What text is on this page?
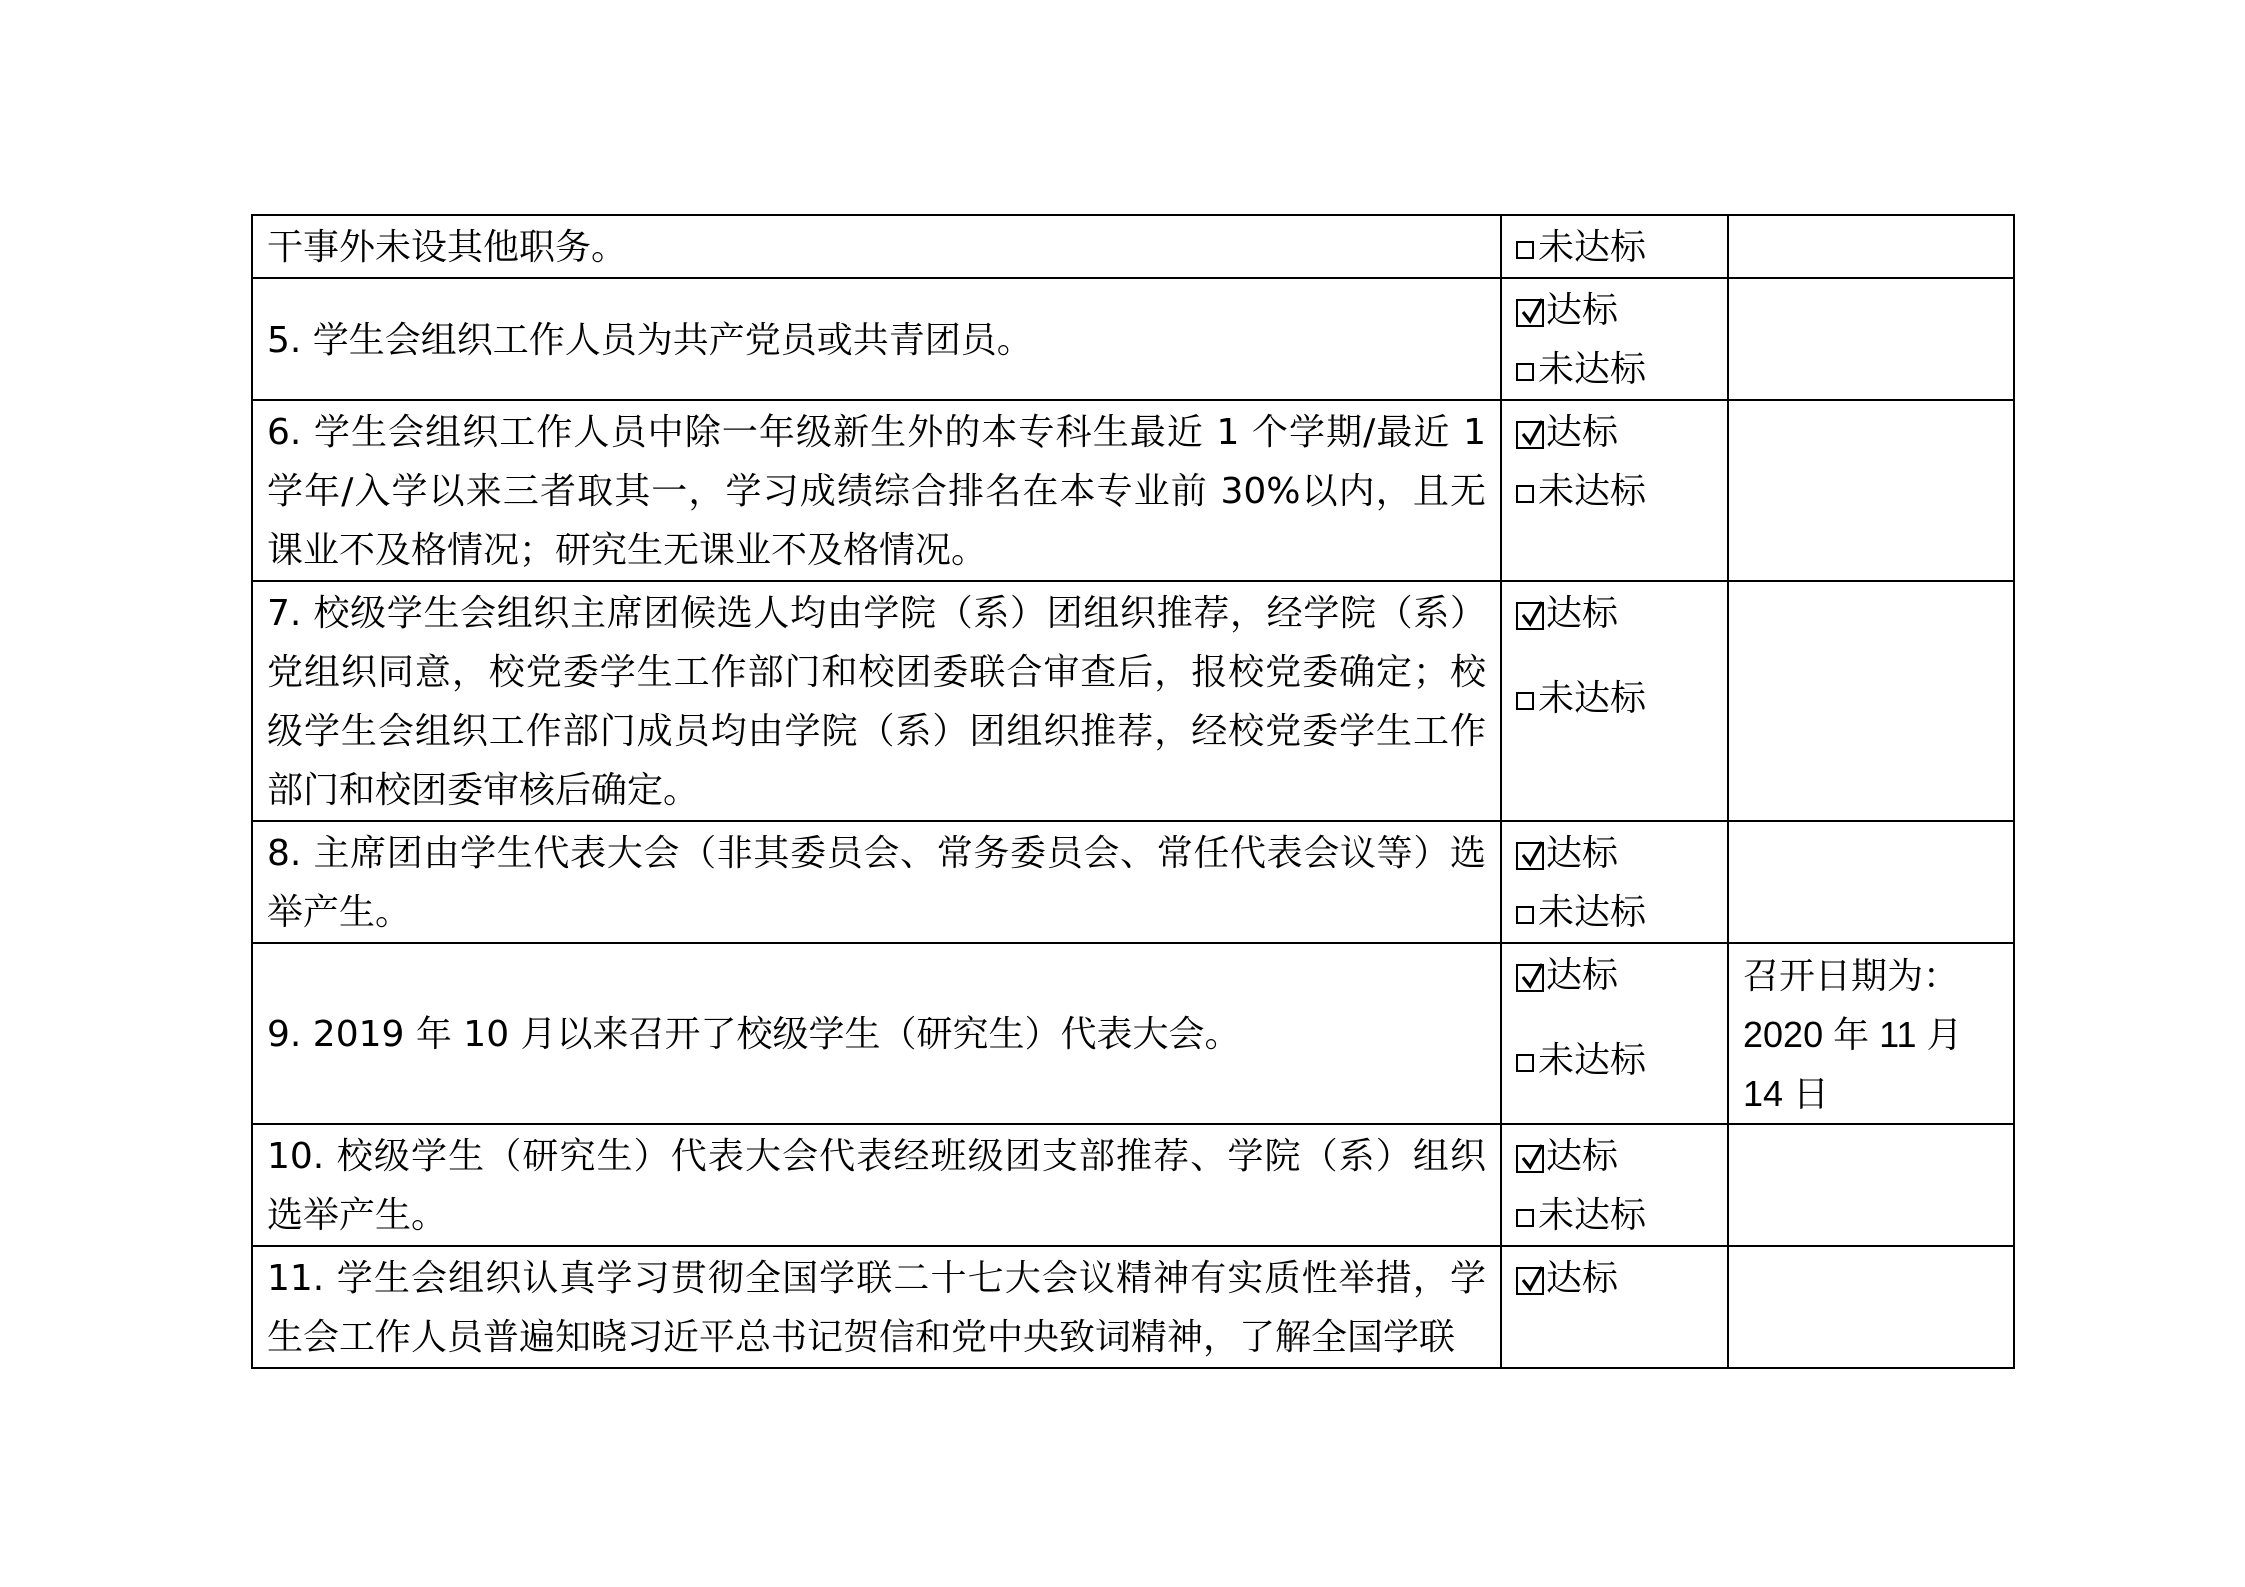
干事外未设其他职务。	未达标	

5. 学生会组织工作人员为共产党员或共青团员。	达标
未达标	

6. 学生会组织工作人员中除一年级新生外的本专科生最近 1 个学期/最近 1 学年/入学以来三者取其一，学习成绩综合排名在本专业前 30%以内，且无课业不及格情况；研究生无课业不及格情况。	达标
未达标	

7. 校级学生会组织主席团候选人均由学院（系）团组织推荐，经学院（系）党组织同意，校党委学生工作部门和校团委联合审查后，报校党委确定；校级学生会组织工作部门成员均由学院（系）团组织推荐，经校党委学生工作部门和校团委审核后确定。	达标
未达标	

8. 主席团由学生代表大会（非其委员会、常务委员会、常任代表会议等）选举产生。	达标
未达标	

9. 2019 年 10 月以来召开了校级学生（研究生）代表大会。	达标
未达标	召开日期为：2020 年 11 月 14 日

10. 校级学生（研究生）代表大会代表经班级团支部推荐、学院（系）组织选举产生。	达标
未达标	

11. 学生会组织认真学习贯彻全国学联二十七大会议精神有实质性举措，学生会工作人员普遍知晓习近平总书记贺信和党中央致词精神，了解全国学联	达标	
